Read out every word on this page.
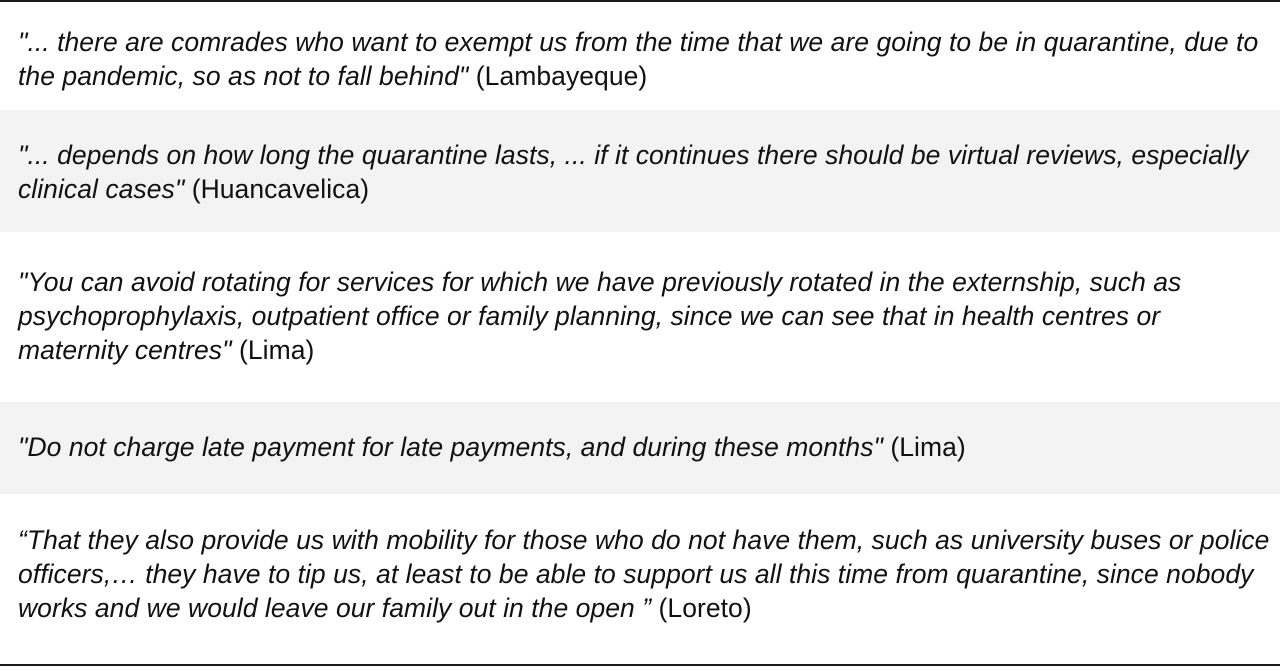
"... there are comrades who want to exempt us from the time that we are going to be in quarantine, due to the pandemic, so as not to fall behind" (Lambayeque)

"... depends on how long the quarantine lasts, ... if it continues there should be virtual reviews, especially clinical cases" (Huancavelica)

"You can avoid rotating for services for which we have previously rotated in the externship, such as psychoprophylaxis, outpatient office or family planning, since we can see that in health centres or maternity centres" (Lima)

"Do not charge late payment for late payments, and during these months" (Lima)

“That they also provide us with mobility for those who do not have them, such as university buses or police officers,… they have to tip us, at least to be able to support us all this time from quarantine, since nobody works and we would leave our family out in the open ” (Loreto)
